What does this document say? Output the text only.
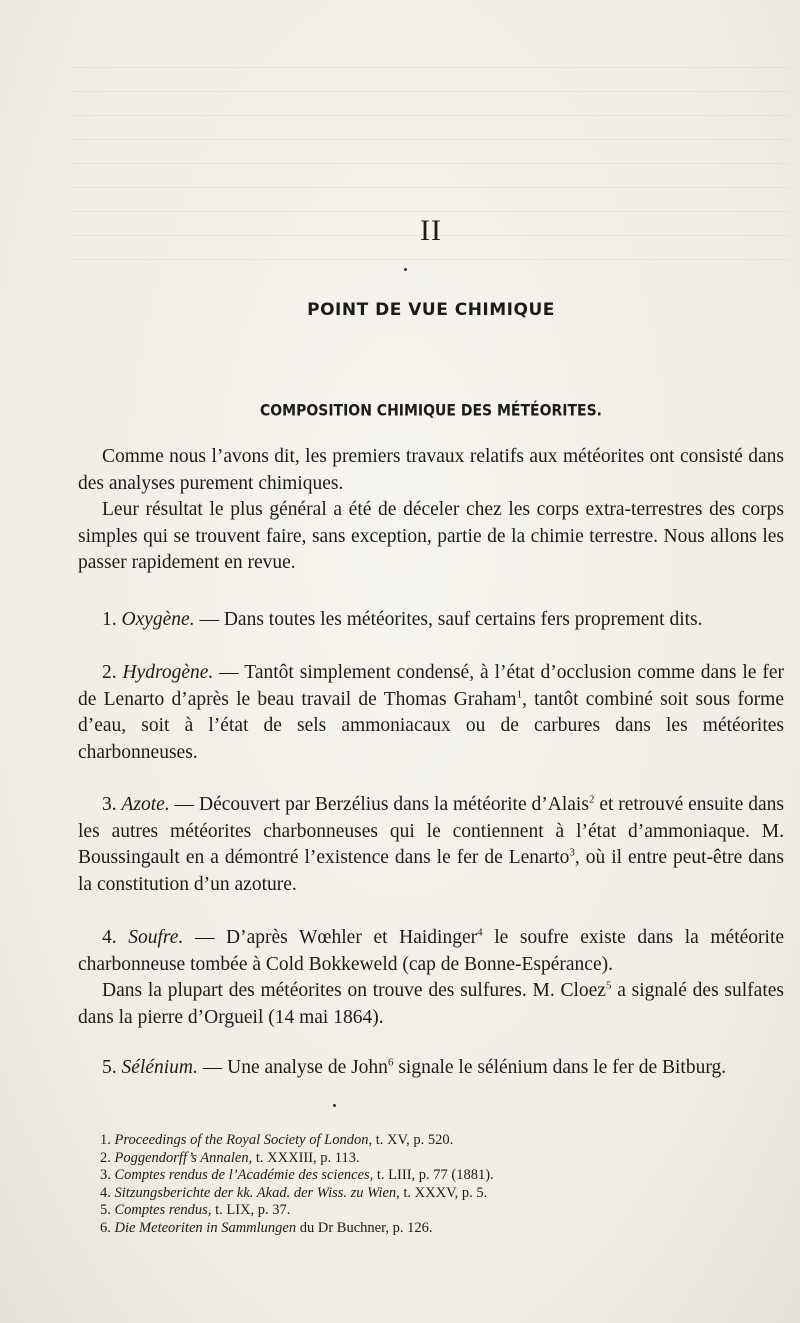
II
POINT DE VUE CHIMIQUE
COMPOSITION CHIMIQUE DES MÉTÉORITES.

Comme nous l’avons dit, les premiers travaux relatifs aux météorites ont consisté dans des analyses purement chimiques.

Leur résultat le plus général a été de déceler chez les corps extra-terrestres des corps simples qui se trouvent faire, sans exception, partie de la chimie terrestre. Nous allons les passer rapidement en revue.

1. Oxygène. — Dans toutes les météorites, sauf certains fers proprement dits.

2. Hydrogène. — Tantôt simplement condensé, à l’état d’occlusion comme dans le fer de Lenarto d’après le beau travail de Thomas Graham$^1$, tantôt combiné soit sous forme d’eau, soit à l’état de sels ammoniacaux ou de carbures dans les météorites charbonneuses.

3. Azote. — Découvert par Berzélius dans la météorite d’Alais$^2$ et retrouvé ensuite dans les autres météorites charbonneuses qui le contiennent à l’état d’ammoniaque. M. Boussingault en a démontré l’existence dans le fer de Lenarto$^3$, où il entre peut-être dans la constitution d’un azoture.

4. Soufre. — D’après Wœhler et Haidinger$^4$ le soufre existe dans la météorite charbonneuse tombée à Cold Bokkeweld (cap de Bonne-Espérance).

Dans la plupart des météorites on trouve des sulfures. M. Cloez$^5$ a signalé des sulfates dans la pierre d’Orgueil (14 mai 1864).

5. Sélénium. — Une analyse de John$^6$ signale le sélénium dans le fer de Bitburg.

1. Proceedings of the Royal Society of London, t. XV, p. 520.
2. Poggendorff’s Annalen, t. XXXIII, p. 113.
3. Comptes rendus de l’Académie des sciences, t. LIII, p. 77 (1881).
4. Sitzungsberichte der kk. Akad. der Wiss. zu Wien, t. XXXV, p. 5.
5. Comptes rendus, t. LIX, p. 37.
6. Die Meteoriten in Sammlungen du Dr Buchner, p. 126.
